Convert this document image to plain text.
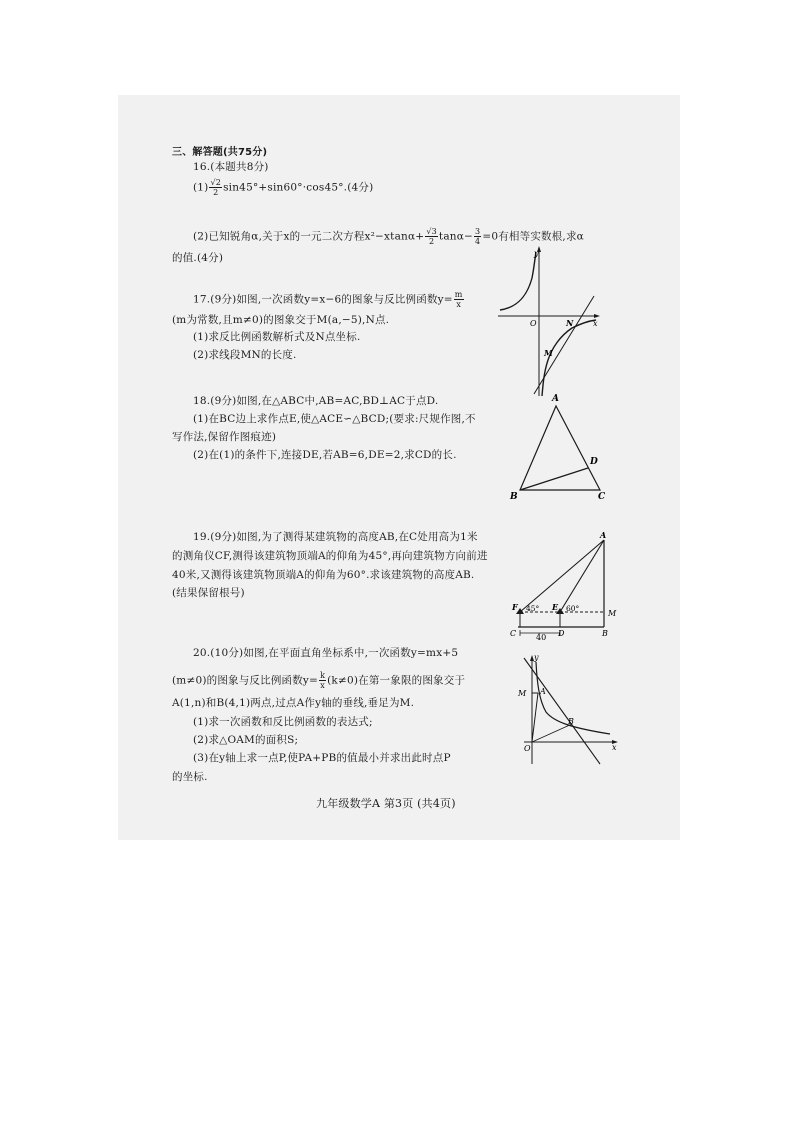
三、解答题(共75分)
16.(本题共8分)
$(1) \frac{√2}{2} \sin 45^\circ+\sin 60^\circ\cdot\cos 45^\circ.(4$分)
(2)已知锐角α,关于x的一元二次方程$x^2-xtan\alpha+ \frac{√3}{2} \tan\alpha- \frac{3}{4} =0$有相等实数根,求α
的值.(4分)
17.(9分)如图,一次函数y=x−6的图象与反比例函数$y= \frac{m}{x}$
(m为常数,且m≠0)的图象交于M(a,−5),N点.
(1)求反比例函数解析式及N点坐标.
(2)求线段MN的长度.
y
O	x
N
M
18.(9分)如图,在△ABC中,AB=AC,BD⊥AC于点D.
(1)在BC边上求作点E,使△ACE∽△BCD;(要求:尺规作图,不
写作法,保留作图痕迹)
(2)在(1)的条件下,连接DE,若AB=6,DE=2,求CD的长.
A
B	C
D
19.(9分)如图,为了测得某建筑物的高度AB,在C处用高为1米
的测角仪CF,测得该建筑物顶端A的仰角为45°,再向建筑物方向前进
40米,又测得该建筑物顶端A的仰角为60°.求该建筑物的高度AB.
(结果保留根号)
A
F 45° E 60°
M
C 40 D	B
20.(10分)如图,在平面直角坐标系中,一次函数y=mx+5
(m≠0)的图象与反比例函数$y= \frac{k}{x} (k\ne 0)$在第一象限的图象交于
A(1,n)和B(4,1)两点,过点A作y轴的垂线,垂足为M.
(1)求一次函数和反比例函数的表达式;
(2)求△OAM的面积S;
(3)在y轴上求一点P,使PA+PB的值最小并求出此时点P
的坐标.
y
M A
B
O	x
九年级数学A 第3页 (共4页)
